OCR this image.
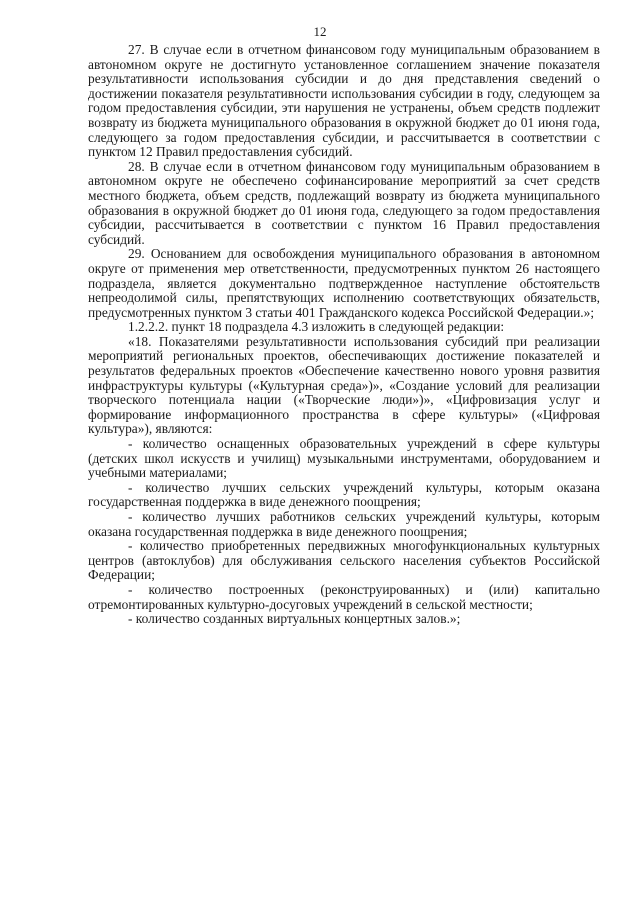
12

27. В случае если в отчетном финансовом году муниципальным образованием в автономном округе не достигнуто установленное соглашением значение показателя результативности использования субсидии и до дня представления сведений о достижении показателя результативности использования субсидии в году, следующем за годом предоставления субсидии, эти нарушения не устранены, объем средств подлежит возврату из бюджета муниципального образования в окружной бюджет до 01 июня года, следующего за годом предоставления субсидии, и рассчитывается в соответствии с пунктом 12 Правил предоставления субсидий.

28. В случае если в отчетном финансовом году муниципальным образованием в автономном округе не обеспечено софинансирование мероприятий за счет средств местного бюджета, объем средств, подлежащий возврату из бюджета муниципального образования в окружной бюджет до 01 июня года, следующего за годом предоставления субсидии, рассчитывается в соответствии с пунктом 16 Правил предоставления субсидий.

29. Основанием для освобождения муниципального образования в автономном округе от применения мер ответственности, предусмотренных пунктом 26 настоящего подраздела, является документально подтвержденное наступление обстоятельств непреодолимой силы, препятствующих исполнению соответствующих обязательств, предусмотренных пунктом 3 статьи 401 Гражданского кодекса Российской Федерации.»;

1.2.2.2. пункт 18 подраздела 4.3 изложить в следующей редакции:

«18. Показателями результативности использования субсидий при реализации мероприятий региональных проектов, обеспечивающих достижение показателей и результатов федеральных проектов «Обеспечение качественно нового уровня развития инфраструктуры культуры («Культурная среда»)», «Создание условий для реализации творческого потенциала нации («Творческие люди»)», «Цифровизация услуг и формирование информационного пространства в сфере культуры» («Цифровая культура»), являются:

- количество оснащенных образовательных учреждений в сфере культуры (детских школ искусств и училищ) музыкальными инструментами, оборудованием и учебными материалами;

- количество лучших сельских учреждений культуры, которым оказана государственная поддержка в виде денежного поощрения;

- количество лучших работников сельских учреждений культуры, которым оказана государственная поддержка в виде денежного поощрения;

- количество приобретенных передвижных многофункциональных культурных центров (автоклубов) для обслуживания сельского населения субъектов Российской Федерации;

- количество построенных (реконструированных) и (или) капитально отремонтированных культурно-досуговых учреждений в сельской местности;

- количество созданных виртуальных концертных залов.»;
